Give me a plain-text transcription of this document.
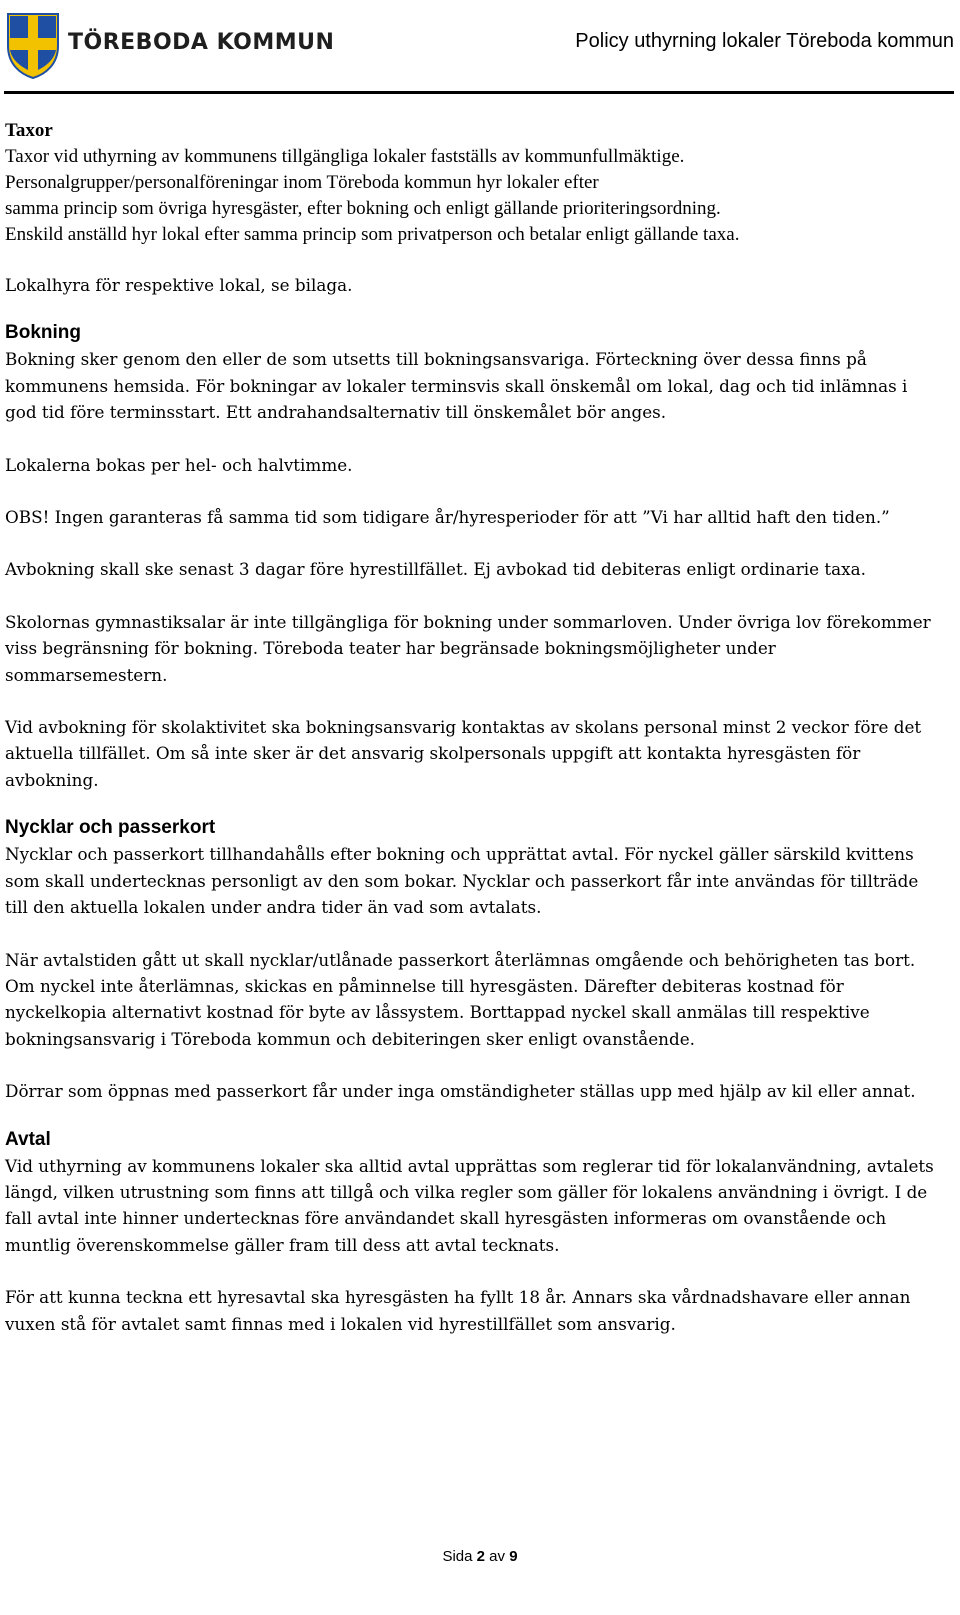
TÖREBODA KOMMUN	Policy uthyrning lokaler Töreboda kommun
Taxor

Taxor vid uthyrning av kommunens tillgängliga lokaler fastställs av kommunfullmäktige.

Personalgrupper/personalföreningar inom Töreboda kommun hyr lokaler efter

samma princip som övriga hyresgäster, efter bokning och enligt gällande prioriteringsordning.

Enskild anställd hyr lokal efter samma princip som privatperson och betalar enligt gällande taxa.

Lokalhyra för respektive lokal, se bilaga.

Bokning

Bokning sker genom den eller de som utsetts till bokningsansvariga. Förteckning över dessa finns på kommunens hemsida. För bokningar av lokaler terminsvis skall önskemål om lokal, dag och tid inlämnas i god tid före terminsstart. Ett andrahandsalternativ till önskemålet bör anges.

Lokalerna bokas per hel- och halvtimme.

OBS! Ingen garanteras få samma tid som tidigare år/hyresperioder för att ”Vi har alltid haft den tiden.”

Avbokning skall ske senast 3 dagar före hyrestillfället. Ej avbokad tid debiteras enligt ordinarie taxa.

Skolornas gymnastiksalar är inte tillgängliga för bokning under sommarloven. Under övriga lov förekommer viss begränsning för bokning. Töreboda teater har begränsade bokningsmöjligheter under sommarsemestern.

Vid avbokning för skolaktivitet ska bokningsansvarig kontaktas av skolans personal minst 2 veckor före det aktuella tillfället. Om så inte sker är det ansvarig skolpersonals uppgift att kontakta hyresgästen för avbokning.

Nycklar och passerkort

Nycklar och passerkort tillhandahålls efter bokning och upprättat avtal. För nyckel gäller särskild kvittens som skall undertecknas personligt av den som bokar. Nycklar och passerkort får inte användas för tillträde till den aktuella lokalen under andra tider än vad som avtalats.

När avtalstiden gått ut skall nycklar/utlånade passerkort återlämnas omgående och behörigheten tas bort. Om nyckel inte återlämnas, skickas en påminnelse till hyresgästen. Därefter debiteras kostnad för nyckelkopia alternativt kostnad för byte av låssystem. Borttappad nyckel skall anmälas till respektive bokningsansvarig i Töreboda kommun och debiteringen sker enligt ovanstående.

Dörrar som öppnas med passerkort får under inga omständigheter ställas upp med hjälp av kil eller annat.

Avtal

Vid uthyrning av kommunens lokaler ska alltid avtal upprättas som reglerar tid för lokalanvändning, avtalets längd, vilken utrustning som finns att tillgå och vilka regler som gäller för lokalens användning i övrigt. I de fall avtal inte hinner undertecknas före användandet skall hyresgästen informeras om ovanstående och muntlig överenskommelse gäller fram till dess att avtal tecknats.

För att kunna teckna ett hyresavtal ska hyresgästen ha fyllt 18 år. Annars ska vårdnadshavare eller annan vuxen stå för avtalet samt finnas med i lokalen vid hyrestillfället som ansvarig.

Sida 2 av 9
